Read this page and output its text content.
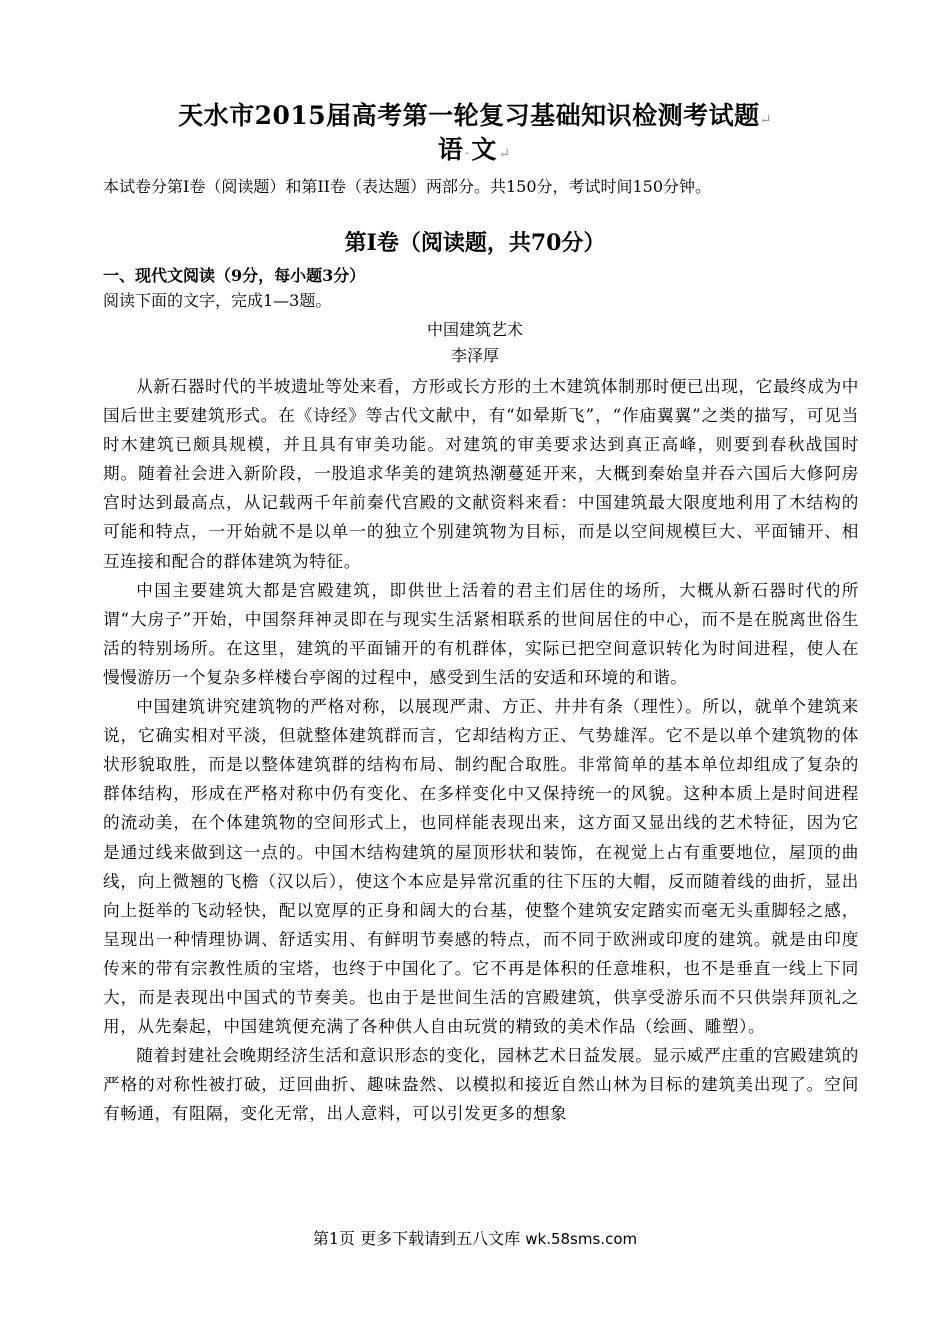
天水市2015届高考第一轮复习基础知识检测考试题↵
语·文↵
本试卷分第I卷（阅读题）和第II卷（表达题）两部分。共150分，考试时间150分钟。
第I卷（阅读题，共70分）
一、现代文阅读（9分，每小题3分）
阅读下面的文字，完成1—3题。
中国建筑艺术
李泽厚

从新石器时代的半坡遗址等处来看，方形或长方形的土木建筑体制那时便已出现，它最终成为中国后世主要建筑形式。在《诗经》等古代文献中，有“如晕斯飞”，“作庙翼翼”之类的描写，可见当时木建筑已颇具规模，并且具有审美功能。对建筑的审美要求达到真正高峰，则要到春秋战国时期。随着社会进入新阶段，一股追求华美的建筑热潮蔓延开来，大概到秦始皇并吞六国后大修阿房宫时达到最高点，从记载两千年前秦代宫殿的文献资料来看：中国建筑最大限度地利用了木结构的可能和特点，一开始就不是以单一的独立个别建筑物为目标，而是以空间规模巨大、平面铺开、相互连接和配合的群体建筑为特征。

中国主要建筑大都是宫殿建筑，即供世上活着的君主们居住的场所，大概从新石器时代的所谓“大房子”开始，中国祭拜神灵即在与现实生活紧相联系的世间居住的中心，而不是在脱离世俗生活的特别场所。在这里，建筑的平面铺开的有机群体，实际已把空间意识转化为时间进程，使人在慢慢游历一个复杂多样楼台亭阁的过程中，感受到生活的安适和环境的和谐。

中国建筑讲究建筑物的严格对称，以展现严肃、方正、井井有条（理性）。所以，就单个建筑来说，它确实相对平淡，但就整体建筑群而言，它却结构方正、气势雄浑。它不是以单个建筑物的体状形貌取胜，而是以整体建筑群的结构布局、制约配合取胜。非常简单的基本单位却组成了复杂的群体结构，形成在严格对称中仍有变化、在多样变化中又保持统一的风貌。这种本质上是时间进程的流动美，在个体建筑物的空间形式上，也同样能表现出来，这方面又显出线的艺术特征，因为它是通过线来做到这一点的。中国木结构建筑的屋顶形状和装饰，在视觉上占有重要地位，屋顶的曲线，向上微翘的飞檐（汉以后），使这个本应是异常沉重的往下压的大帽，反而随着线的曲折，显出向上挺举的飞动轻快，配以宽厚的正身和阔大的台基，使整个建筑安定踏实而毫无头重脚轻之感，呈现出一种情理协调、舒适实用、有鲜明节奏感的特点，而不同于欧洲或印度的建筑。就是由印度传来的带有宗教性质的宝塔，也终于中国化了。它不再是体积的任意堆积，也不是垂直一线上下同大，而是表现出中国式的节奏美。也由于是世间生活的宫殿建筑，供享受游乐而不只供崇拜顶礼之用，从先秦起，中国建筑便充满了各种供人自由玩赏的精致的美术作品（绘画、雕塑）。

随着封建社会晚期经济生活和意识形态的变化，园林艺术日益发展。显示威严庄重的宫殿建筑的严格的对称性被打破，迂回曲折、趣味盎然、以模拟和接近自然山林为目标的建筑美出现了。空间有畅通，有阻隔，变化无常，出人意料，可以引发更多的想象

第1页 更多下载请到五八文库 wk.58sms.com
